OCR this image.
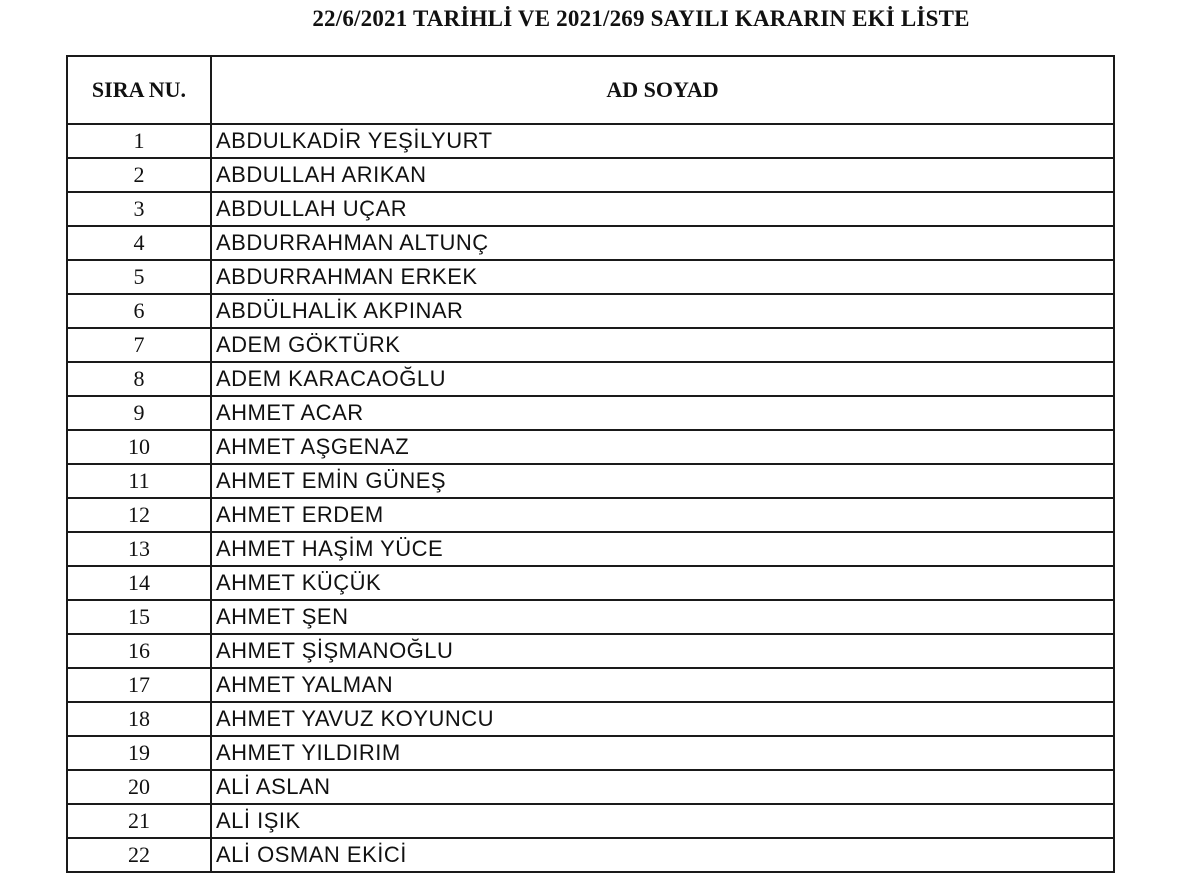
22/6/2021 TARİHLİ VE 2021/269 SAYILI KARARIN EKİ LİSTE
SIRA NU.	AD SOYAD
1	ABDULKADİR YEŞİLYURT
2	ABDULLAH ARIKAN
3	ABDULLAH UÇAR
4	ABDURRAHMAN ALTUNÇ
5	ABDURRAHMAN ERKEK
6	ABDÜLHALİK AKPINAR
7	ADEM GÖKTÜRK
8	ADEM KARACAOĞLU
9	AHMET ACAR
10	AHMET AŞGENAZ
11	AHMET EMİN GÜNEŞ
12	AHMET ERDEM
13	AHMET HAŞİM YÜCE
14	AHMET KÜÇÜK
15	AHMET ŞEN
16	AHMET ŞİŞMANOĞLU
17	AHMET YALMAN
18	AHMET YAVUZ KOYUNCU
19	AHMET YILDIRIM
20	ALİ ASLAN
21	ALİ IŞIK
22	ALİ OSMAN EKİCİ
